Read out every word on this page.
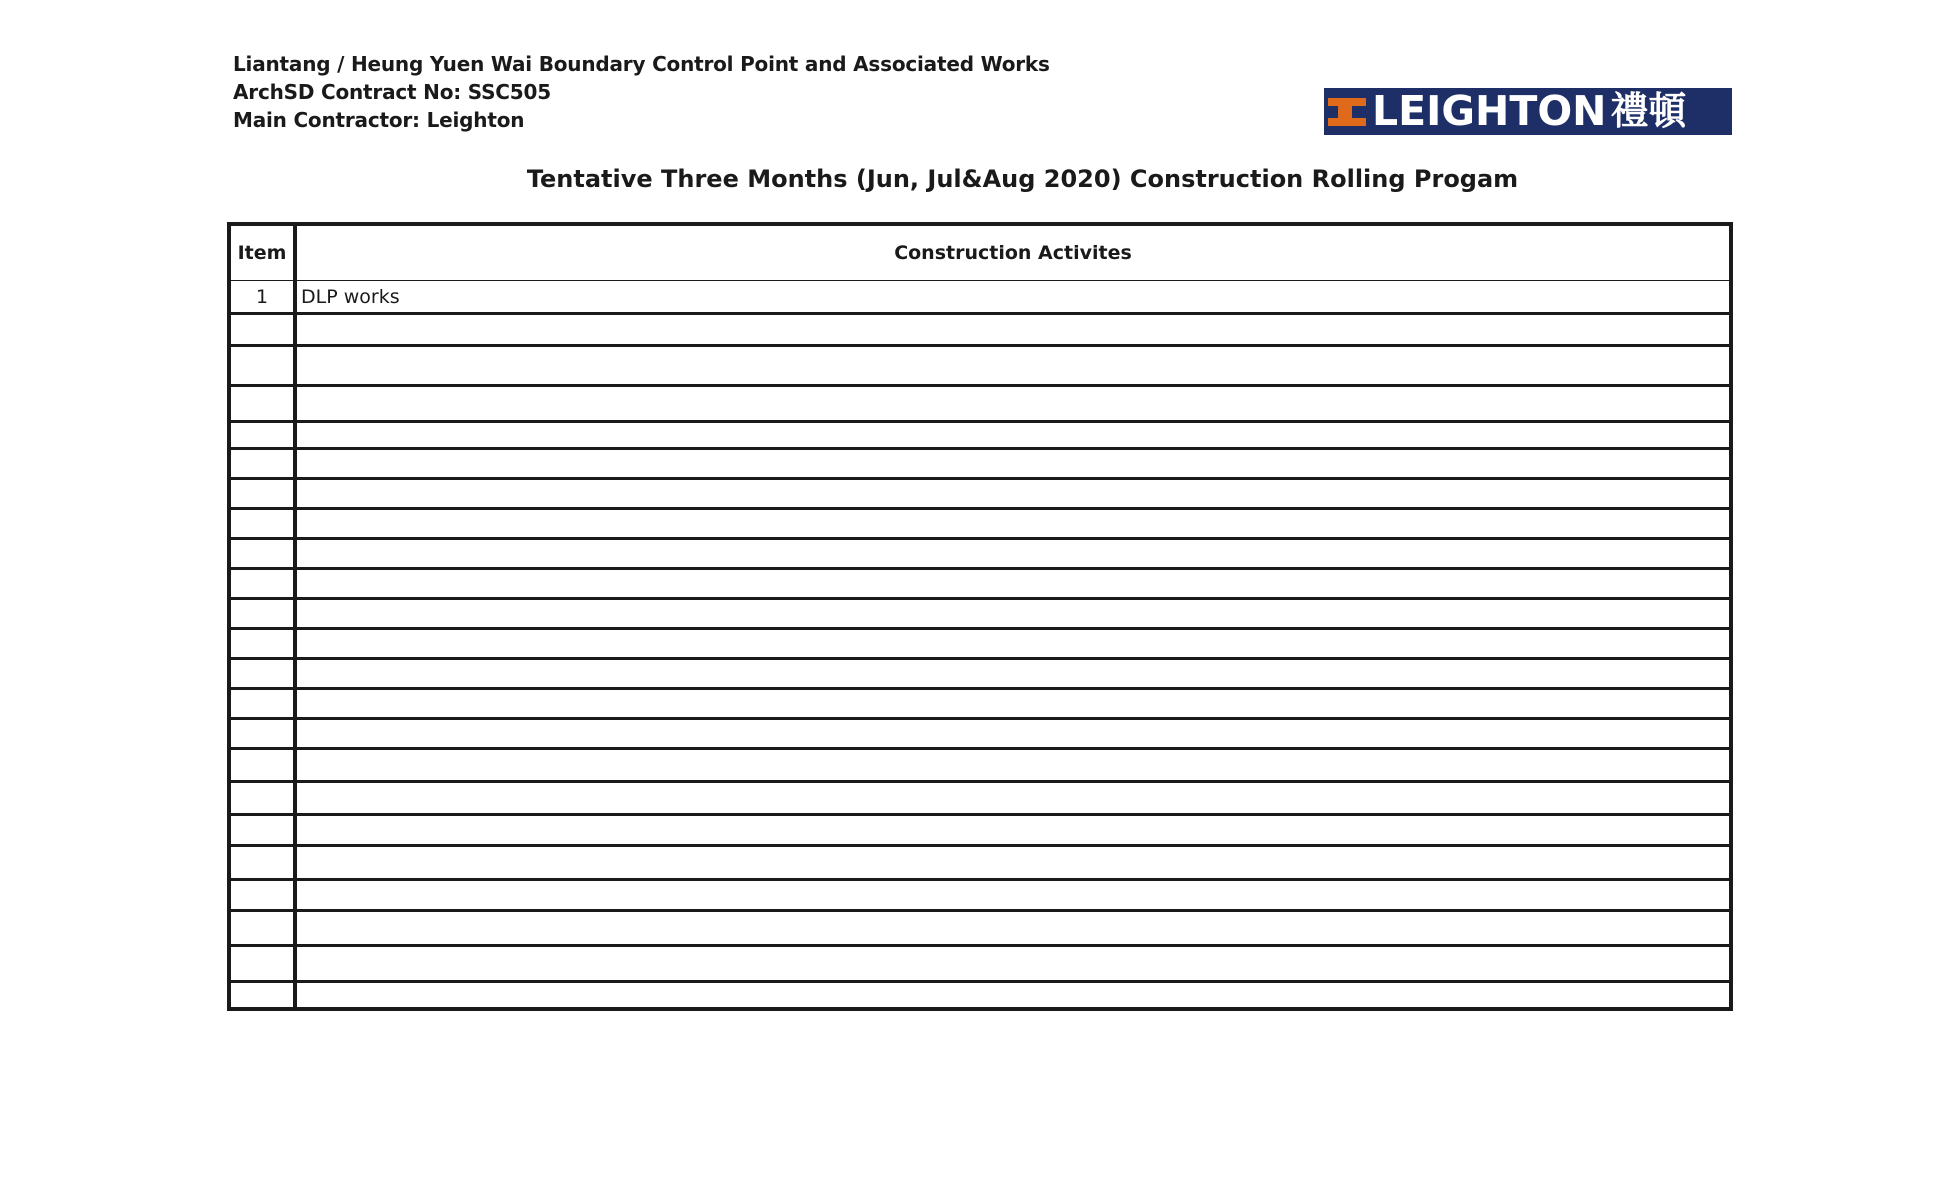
Liantang / Heung Yuen Wai Boundary Control Point and Associated Works
ArchSD Contract No: SSC505
Main Contractor: Leighton	LEIGHTON 禮頓
Tentative Three Months (Jun, Jul&Aug 2020) Construction Rolling Progam
Item	Construction Activites
1	DLP works
